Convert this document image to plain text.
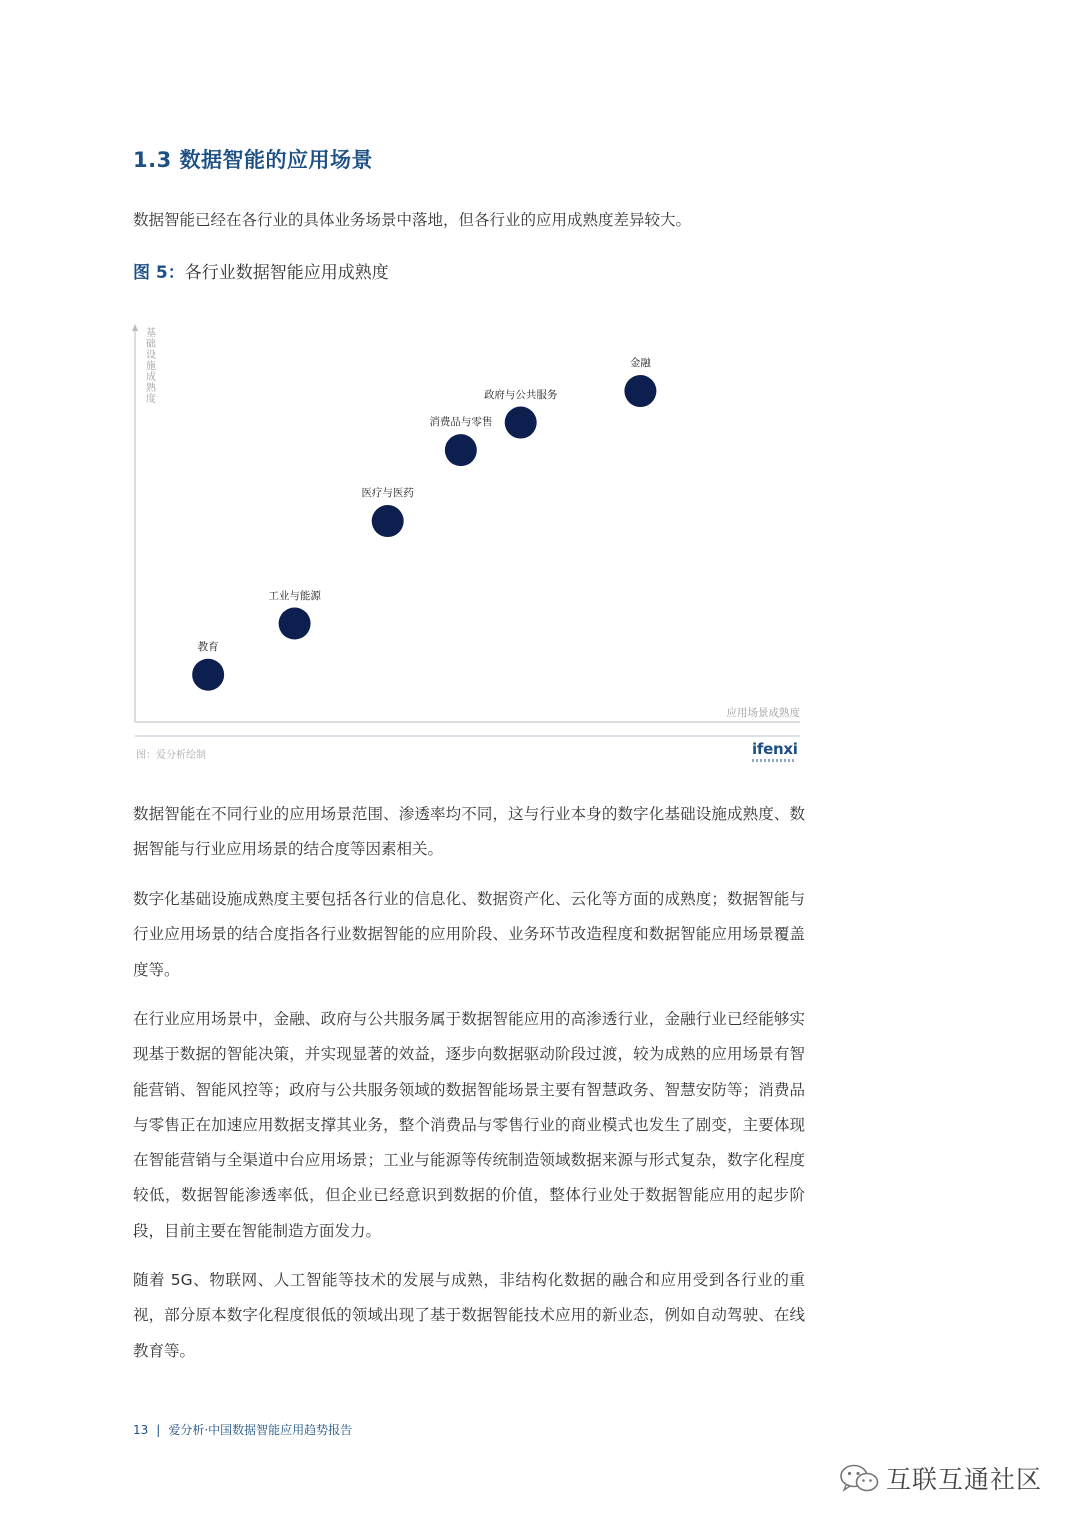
1.3 数据智能的应用场景
数据智能已经在各行业的具体业务场景中落地，但各行业的应用成熟度差异较大。
图 5：各行业数据智能应用成熟度
基础设施成熟度
应用场景成熟度
教育
工业与能源
医疗与医药
消费品与零售
政府与公共服务
金融
图：爱分析绘制	ifenxi
数据智能在不同行业的应用场景范围、渗透率均不同，这与行业本身的数字化基础设施成熟度、数据智能与行业应用场景的结合度等因素相关。
数字化基础设施成熟度主要包括各行业的信息化、数据资产化、云化等方面的成熟度；数据智能与行业应用场景的结合度指各行业数据智能的应用阶段、业务环节改造程度和数据智能应用场景覆盖度等。
在行业应用场景中，金融、政府与公共服务属于数据智能应用的高渗透行业，金融行业已经能够实现基于数据的智能决策，并实现显著的效益，逐步向数据驱动阶段过渡，较为成熟的应用场景有智能营销、智能风控等；政府与公共服务领域的数据智能场景主要有智慧政务、智慧安防等；消费品与零售正在加速应用数据支撑其业务，整个消费品与零售行业的商业模式也发生了剧变，主要体现在智能营销与全渠道中台应用场景；工业与能源等传统制造领域数据来源与形式复杂，数字化程度较低，数据智能渗透率低，但企业已经意识到数据的价值，整体行业处于数据智能应用的起步阶段，目前主要在智能制造方面发力。
随着 5G、物联网、人工智能等技术的发展与成熟，非结构化数据的融合和应用受到各行业的重视，部分原本数字化程度很低的领域出现了基于数据智能技术应用的新业态，例如自动驾驶、在线教育等。
13 | 爱分析·中国数据智能应用趋势报告
互联互通社区
